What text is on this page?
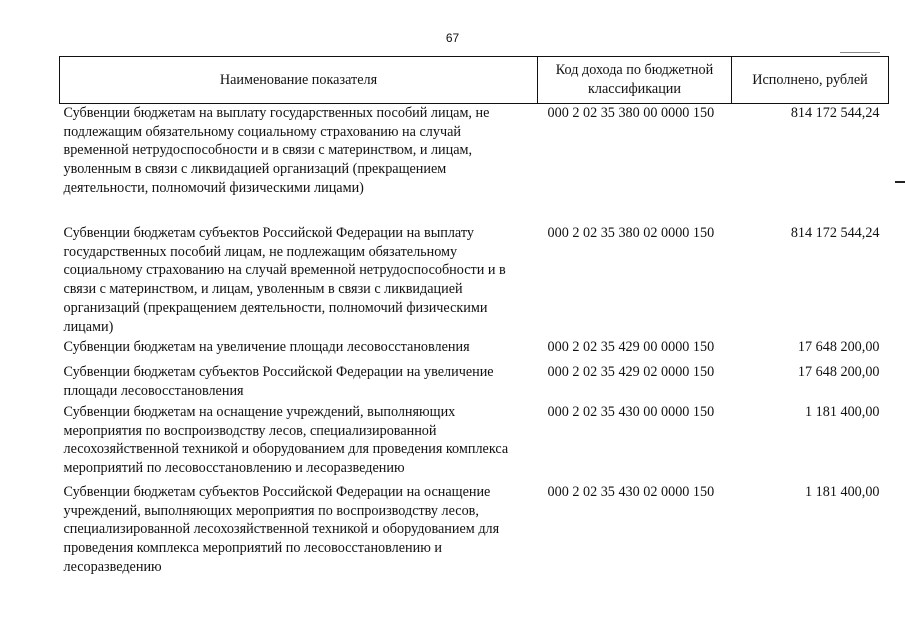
67
Наименование показателя	Код дохода по бюджетной классификации	Исполнено, рублей
Субвенции бюджетам на выплату государственных пособий лицам, не подлежащим обязательному социальному страхованию на случай временной нетрудоспособности и в связи с материнством, и лицам, уволенным в связи с ликвидацией организаций (прекращением деятельности, полномочий физическими лицами)	000 2 02 35 380 00 0000 150	814 172 544,24
Субвенции бюджетам субъектов Российской Федерации на выплату государственных пособий лицам, не подлежащим обязательному социальному страхованию на случай временной нетрудоспособности и в связи с материнством, и лицам, уволенным в связи с ликвидацией организаций (прекращением деятельности, полномочий физическими лицами)	000 2 02 35 380 02 0000 150	814 172 544,24
Субвенции бюджетам на увеличение площади лесовосстановления	000 2 02 35 429 00 0000 150	17 648 200,00
Субвенции бюджетам субъектов Российской Федерации на увеличение площади лесовосстановления	000 2 02 35 429 02 0000 150	17 648 200,00
Субвенции бюджетам на оснащение учреждений, выполняющих мероприятия по воспроизводству лесов, специализированной лесохозяйственной техникой и оборудованием для проведения комплекса мероприятий по лесовосстановлению и лесоразведению	000 2 02 35 430 00 0000 150	1 181 400,00
Субвенции бюджетам субъектов Российской Федерации на оснащение учреждений, выполняющих мероприятия по воспроизводству лесов, специализированной лесохозяйственной техникой и оборудованием для проведения комплекса мероприятий по лесовосстановлению и лесоразведению	000 2 02 35 430 02 0000 150	1 181 400,00
